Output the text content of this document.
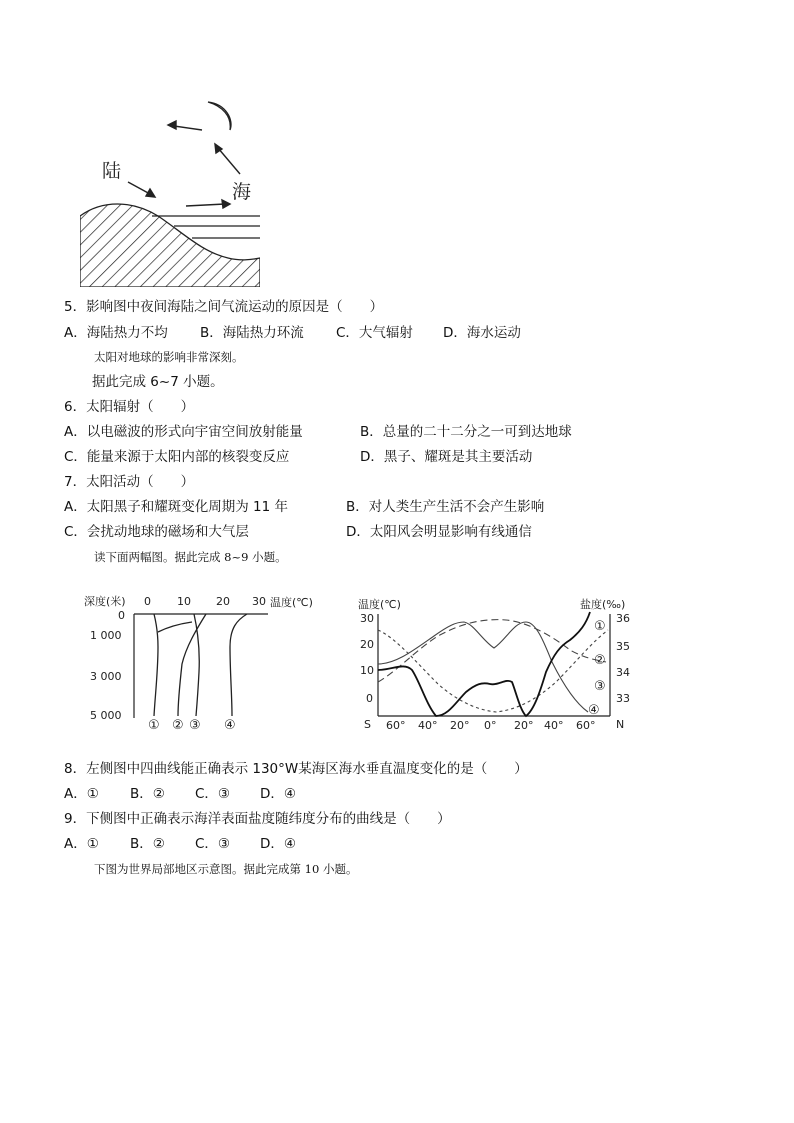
陆
海
5．影响图中夜间海陆之间气流运动的原因是（　　）
A．海陆热力不均 B．海陆热力环流 C．大气辐射 D．海水运动
太阳对地球的影响非常深刻。
据此完成 6~7 小题。
6．太阳辐射（　　）
A．以电磁波的形式向宇宙空间放射能量	B．总量的二十二分之一可到达地球
C．能量来源于太阳内部的核裂变反应	D．黑子、耀斑是其主要活动
7．太阳活动（　　）
A．太阳黑子和耀斑变化周期为 11 年	B．对人类生产生活不会产生影响
C．会扰动地球的磁场和大气层	D．太阳风会明显影响有线通信
读下面两幅图。据此完成 8~9 小题。
深度(米)	温度(℃)
0 10 20 30
0
1 000
3 000
5 000
① ② ③ ④
温度(℃)	盐度(‰)
30
20
10
0
36
35
34
33
S	N
60° 40° 20° 0° 20° 40° 60°
①
②
③
④
8．左侧图中四曲线能正确表示 130°W某海区海水垂直温度变化的是（　　）
A．① B．② C．③ D．④
9．下侧图中正确表示海洋表面盐度随纬度分布的曲线是（　　）
A．① B．② C．③ D．④
下图为世界局部地区示意图。据此完成第 10 小题。
